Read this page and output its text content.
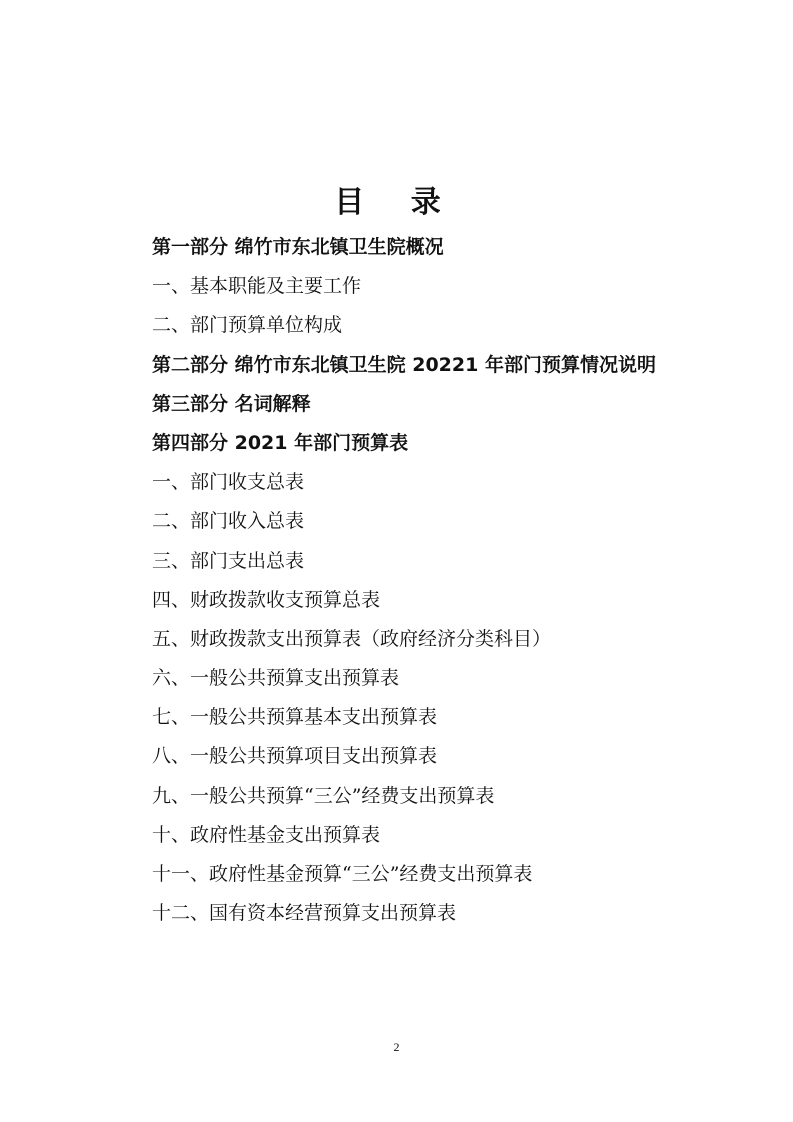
目 录
第一部分 绵竹市东北镇卫生院概况
一、基本职能及主要工作
二、部门预算单位构成
第二部分 绵竹市东北镇卫生院 20221 年部门预算情况说明
第三部分 名词解释
第四部分 2021 年部门预算表
一、部门收支总表
二、部门收入总表
三、部门支出总表
四、财政拨款收支预算总表
五、财政拨款支出预算表（政府经济分类科目）
六、一般公共预算支出预算表
七、一般公共预算基本支出预算表
八、一般公共预算项目支出预算表
九、一般公共预算“三公”经费支出预算表
十、政府性基金支出预算表
十一、政府性基金预算“三公”经费支出预算表
十二、国有资本经营预算支出预算表
2
